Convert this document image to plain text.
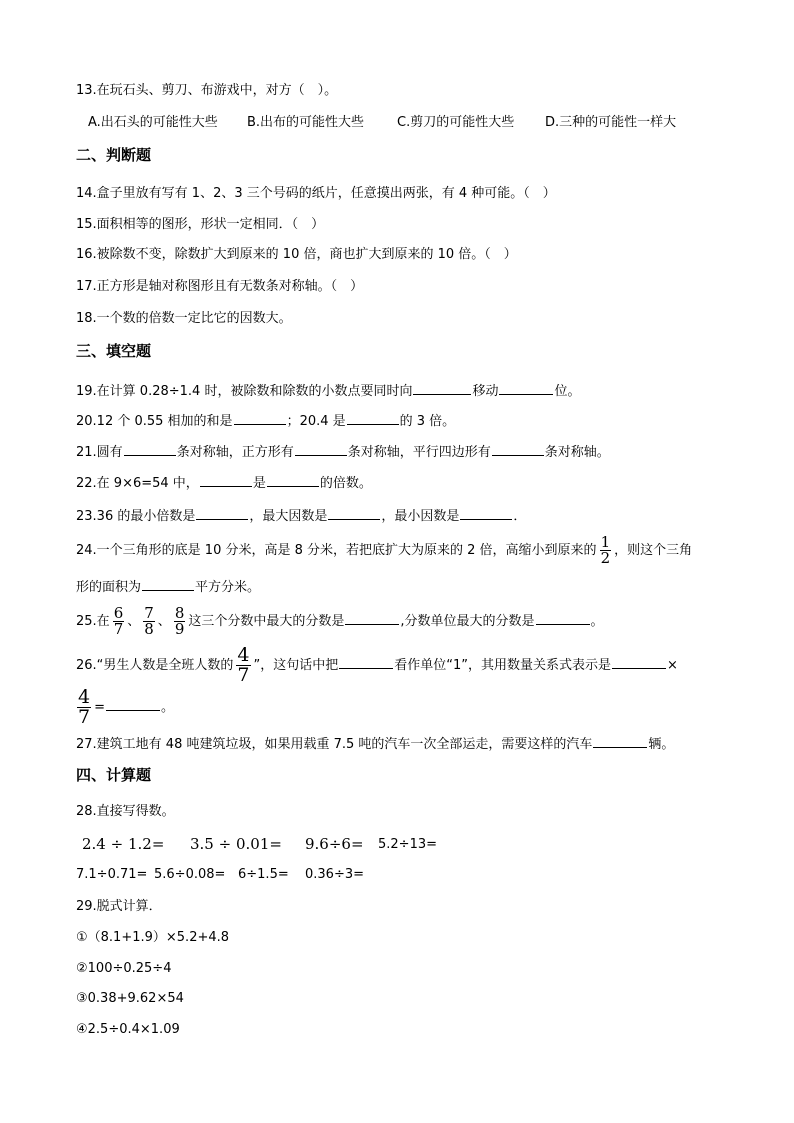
13.在玩石头、剪刀、布游戏中，对方（　）。
A.出石头的可能性大些 B.出布的可能性大些	C.剪刀的可能性大些 D.三种的可能性一样大
二、判断题
14.盒子里放有写有 1、2、3 三个号码的纸片，任意摸出两张，有 4 种可能。（　）
15.面积相等的图形，形状一定相同．（　）
16.被除数不变，除数扩大到原来的 10 倍，商也扩大到原来的 10 倍。（　）
17.正方形是轴对称图形且有无数条对称轴。（　）
18.一个数的倍数一定比它的因数大。
三、填空题
19.在计算 0.28÷1.4 时，被除数和除数的小数点要同时向	移动	位。
20.12 个 0.55 相加的和是	；20.4 是	的 3 倍。
21.圆有	条对称轴，正方形有	条对称轴，平行四边形有	条对称轴。
22.在 9×6=54 中，	是	的倍数。
23.36 的最小倍数是	，最大因数是	，最小因数是	．
24.一个三角形的底是 10 分米，高是 8 分米，若把底扩大为原来的 2 倍，高缩小到原来的 $\frac{1}{2}$ ，则这个三角
形的面积为	平方分米。
25.在 $\frac{6}{7}$ 、 $\frac{7}{8}$ 、 $\frac{8}{9}$ 这三个分数中最大的分数是	,分数单位最大的分数是	。
26.“男生人数是全班人数的 $\frac{4}{7}$ ”，这句话中把	看作单位“1”，其用数量关系式表示是	×
$\frac{4}{7}$ =	。
27.建筑工地有 48 吨建筑垃圾，如果用载重 7.5 吨的汽车一次全部运走，需要这样的汽车	辆。
四、计算题
28.直接写得数。
2.4 ÷ 1.2= 3.5 ÷ 0.01= 9.6÷6= 5.2÷13=
7.1÷0.71= 5.6÷0.08= 6÷1.5= 0.36÷3=
29.脱式计算．
①（8.1+1.9）×5.2+4.8
②100÷0.25÷4
③0.38+9.62×54
④2.5÷0.4×1.09
